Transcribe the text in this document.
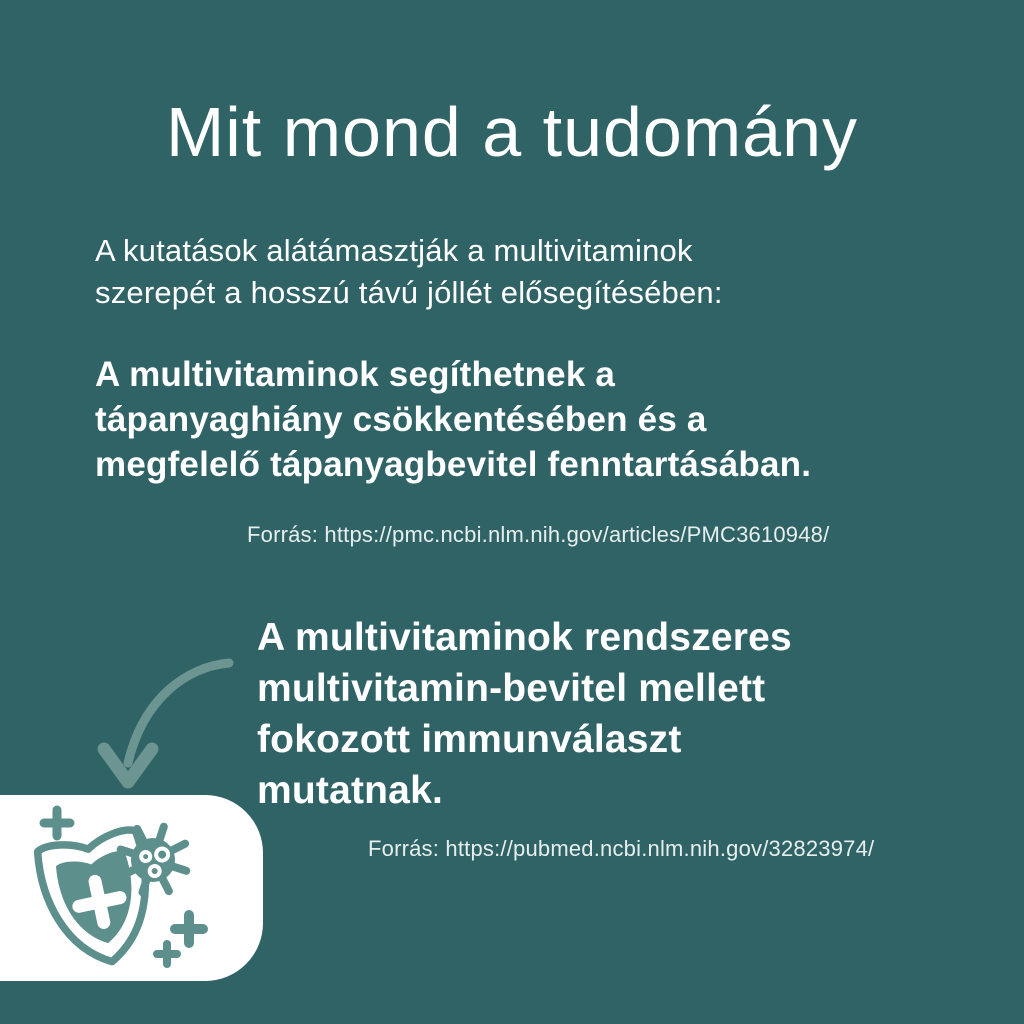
Mit mond a tudomány
A kutatások alátámasztják a multivitaminok
szerepét a hosszú távú jóllét elősegítésében:
A multivitaminok segíthetnek a
tápanyaghiány csökkentésében és a
megfelelő tápanyagbevitel fenntartásában.
Forrás: https://pmc.ncbi.nlm.nih.gov/articles/PMC3610948/
A multivitaminok rendszeres
multivitamin-bevitel mellett
fokozott immunválaszt
mutatnak.
Forrás: https://pubmed.ncbi.nlm.nih.gov/32823974/
